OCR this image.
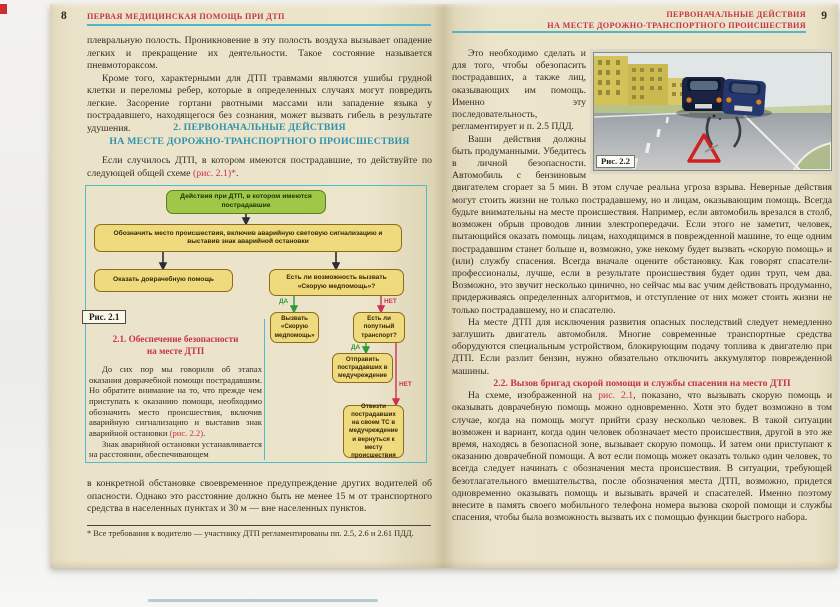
8 ПЕРВАЯ МЕДИЦИНСКАЯ ПОМОЩЬ ПРИ ДТП

плевральную полость. Проникновение в эту полость воздуха вызывает опадение легких и прекращение их деятельности. Такое состояние называется пневмотораксом.

Кроме того, характерными для ДТП травмами являются ушибы грудной клетки и переломы ребер, которые в определенных случаях могут повредить легкие. Засорение гортани рвотными массами или западение языка у пострадавшего, находящегося без сознания, может вызвать гибель в результате удушения.	2. ПЕРВОНАЧАЛЬНЫЕ ДЕЙСТВИЯ
НА МЕСТЕ ДОРОЖНО-ТРАНСПОРТНОГО ПРОИСШЕСТВИЯ

Если случилось ДТП, в котором имеются пострадавшие, то действуйте по следующей общей схеме (рис. 2.1)*.

Действия при ДТП, в котором имеются пострадавшие
Обозначить место происшествия, включив аварийную световую сигнализацию и выставив знак аварийной остановки
Оказать доврачебную помощь	Есть ли возможность вызвать «Скорую медпомощь»?
ДА	НЕТ
Вызвать «Скорую медпомощь»
Есть ли попутный транспорт?
ДА
НЕТ
Отправить пострадавших в медучреждение
Отвезти пострадавших на своем ТС в медучреждение и вернуться к месту происшествия
Рис. 2.1
2.1. Обеспечение безопасности
на месте ДТП

До сих пор мы говорили об этапах оказания доврачебной помощи пострадавшим. Но обратите внимание на то, что прежде чем приступать к оказанию помощи, необходимо обозначить место происшествия, включив аварийную сигнализацию и выставив знак аварийной остановки (рис. 2.2).

Знак аварийной остановки устанавливается на расстоянии, обеспечивающем

в конкретной обстановке своевременное предупреждение других водителей об опасности. Однако это расстояние должно быть не менее 15 м от транспортного средства в населенных пунктах и 30 м — вне населенных пунктов.

* Все требования к водителю — участнику ДТП регламентированы пп. 2.5, 2.6 и 2.61 ПДД.

9
ПЕРВОНАЧАЛЬНЫЕ ДЕЙСТВИЯ
НА МЕСТЕ ДОРОЖНО-ТРАНСПОРТНОГО ПРОИСШЕСТВИЯ
Рис. 2.2

Это необходимо сделать и для того, чтобы обезопасить пострадавших, а также лиц, оказывающих им помощь. Именно эту последовательность, регламентирует и п. 2.5 ПДД.

Ваши действия должны быть продуманными. Убедитесь в личной безопасности. Автомобиль с бензиновым двигателем сгорает за 5 мин. В этом случае реальна угроза взрыва. Неверные действия могут стоить жизни не только пострадавшему, но и лицам, оказывающим помощь. Всегда будьте внимательны на месте происшествия. Например, если автомобиль врезался в столб, возможен обрыв проводов линии электропередачи. Если этого не заметит, человек, пытающийся оказать помощь лицам, находящимся в поврежденной машине, то еще одним пострадавшим станет больше и, возможно, уже некому будет вызвать «скорую помощь» и (или) службу спасения. Всегда вначале оцените обстановку. Как говорят спасатели-профессионалы, лучше, если в результате происшествия будет один труп, чем два. Возможно, это звучит несколько цинично, но сейчас мы вас учим действовать продуманно, придерживаясь определенных алгоритмов, и отступление от них может стоить жизни не только пострадавшему, но и спасателю.

На месте ДТП для исключения развития опасных последствий следует немедленно заглушить двигатель автомобиля. Многие современные транспортные средства оборудуются специальным устройством, блокирующим подачу топлива к двигателю при ДТП. Если разлит бензин, нужно обязательно отключить аккумулятор поврежденной машины.

2.2. Вызов бригад скорой помощи и службы спасения на место ДТП

На схеме, изображенной на рис. 2.1, показано, что вызывать скорую помощь и оказывать доврачебную помощь можно одновременно. Хотя это будет возможно в том случае, когда на помощь могут прийти сразу несколько человек. В такой ситуации возможен и вариант, когда один человек обозначает место происшествия, другой в это же время, находясь в безопасной зоне, вызывает скорую помощь. И затем они приступают к оказанию доврачебной помощи. А вот если помощь может оказать только один человек, то всегда следует начинать с обозначения места происшествия. В ситуации, требующей безотлагательного вмешательства, после обозначения места ДТП, возможно, придется одновременно оказывать помощь и вызывать врачей и спасателей. Именно поэтому внесите в память своего мобильного телефона номера вызова скорой помощи и службы спасения, чтобы была возможность вызвать их с помощью функции быстрого набора.
